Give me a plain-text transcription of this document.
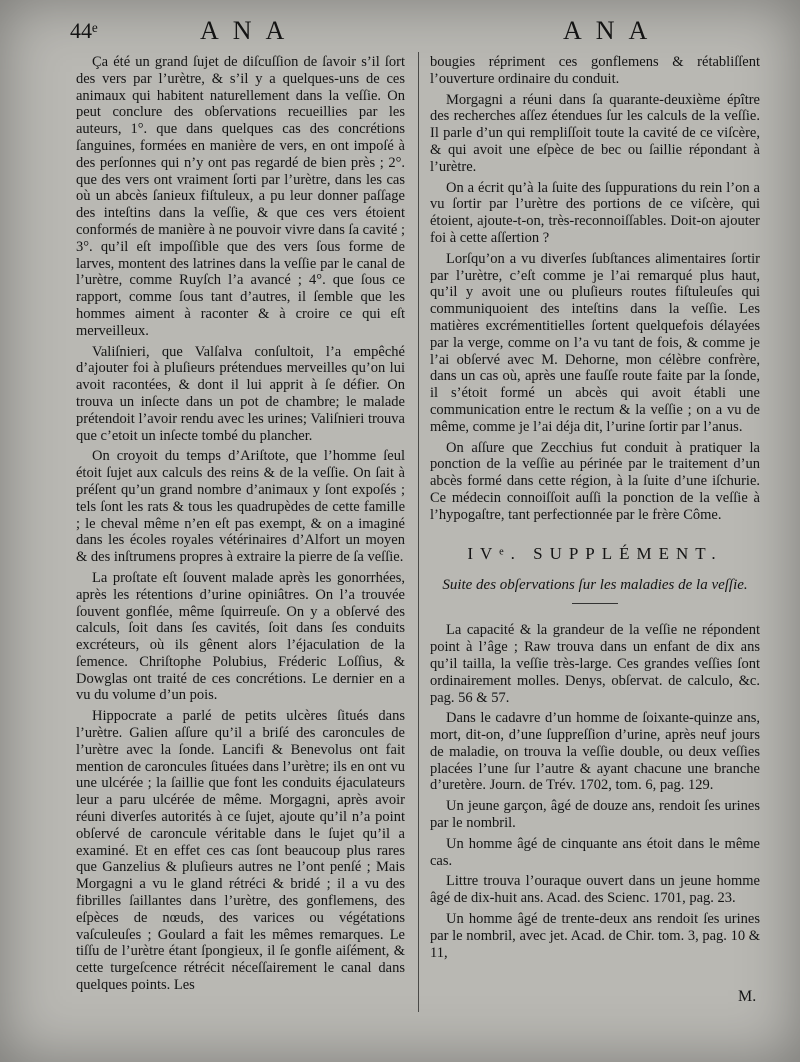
44ᵉ	ANA	ANA

Ça été un grand ſujet de diſcuſſion de ſavoir s’il ſort des vers par l’urètre, & s’il y a quelques-uns de ces animaux qui habitent naturellement dans la veſſie. On peut conclure des obſervations recueillies par les auteurs, 1°. que dans quelques cas des concrétions ſanguines, formées en manière de vers, en ont impoſé à des perſonnes qui n’y ont pas regardé de bien près ; 2°. que des vers ont vraiment ſorti par l’urètre, dans les cas où un abcès ſanieux fiſtuleux, a pu leur donner paſſage des inteſtins dans la veſſie, & que ces vers étoient conformés de manière à ne pouvoir vivre dans ſa cavité ; 3°. qu’il eſt impoſſible que des vers ſous forme de larves, montent des latrines dans la veſſie par le canal de l’urètre, comme Ruyſch l’a avancé ; 4°. que ſous ce rapport, comme ſous tant d’autres, il ſemble que les hommes aiment à raconter & à croire ce qui eſt merveilleux.

Valiſnieri, que Valſalva conſultoit, l’a empêché d’ajouter foi à pluſieurs prétendues merveilles qu’on lui avoit racontées, & dont il lui apprit à ſe défier. On trouva un inſecte dans un pot de chambre; le malade prétendoit l’avoir rendu avec les urines; Valiſnieri trouva que c’etoit un inſecte tombé du plancher.

On croyoit du temps d’Ariſtote, que l’homme ſeul étoit ſujet aux calculs des reins & de la veſſie. On ſait à préſent qu’un grand nombre d’animaux y ſont expoſés ; tels ſont les rats & tous les quadrupèdes de cette famille ; le cheval même n’en eſt pas exempt, & on a imaginé dans les écoles royales vétérinaires d’Alfort un moyen & des inſtrumens propres à extraire la pierre de ſa veſſie.

La proſtate eſt ſouvent malade après les gonorrhées, après les rétentions d’urine opiniâtres. On l’a trouvée ſouvent gonflée, même ſquirreuſe. On y a obſervé des calculs, ſoit dans ſes cavités, ſoit dans ſes conduits excréteurs, où ils gênent alors l’éjaculation de la ſemence. Chriſtophe Polubius, Fréderic Loſſius, & Dowglas ont traité de ces concrétions. Le dernier en a vu du volume d’un pois.

Hippocrate a parlé de petits ulcères ſitués dans l’urètre. Galien aſſure qu’il a briſé des caroncules de l’urètre avec la ſonde. Lancifi & Benevolus ont fait mention de caroncules ſituées dans l’urètre; ils en ont vu une ulcérée ; la ſaillie que font les conduits éjaculateurs leur a paru ulcérée de même. Morgagni, après avoir réuni diverſes autorités à ce ſujet, ajoute qu’il n’a point obſervé de caroncule véritable dans le ſujet qu’il a examiné. Et en effet ces cas ſont beaucoup plus rares que Ganzelius & pluſieurs autres ne l’ont penſé ; Mais Morgagni a vu le gland rétréci & bridé ; il a vu des fibrilles ſaillantes dans l’urètre, des gonflemens, des eſpèces de nœuds, des varices ou végétations vaſculeuſes ; Goulard a fait les mêmes remarques. Le tiſſu de l’urètre étant ſpongieux, il ſe gonfle aiſément, & cette turgeſcence rétrécit néceſſairement le canal dans quelques points. Les

bougies répriment ces gonflemens & rétabliſſent l’ouverture ordinaire du conduit.

Morgagni a réuni dans ſa quarante-deuxième épître des recherches aſſez étendues ſur les calculs de la veſſie. Il parle d’un qui rempliſſoit toute la cavité de ce viſcère, & qui avoit une eſpèce de bec ou ſaillie répondant à l’urètre.

On a écrit qu’à la ſuite des ſuppurations du rein l’on a vu ſortir par l’urètre des portions de ce viſcère, qui étoient, ajoute-t-on, très-reconnoiſſables. Doit-on ajouter foi à cette aſſertion ?

Lorſqu’on a vu diverſes ſubſtances alimentaires ſortir par l’urètre, c’eſt comme je l’ai remarqué plus haut, qu’il y avoit une ou pluſieurs routes fiſtuleuſes qui communiquoient des inteſtins dans la veſſie. Les matières excrémentitielles ſortent quelquefois délayées par la verge, comme on l’a vu tant de fois, & comme je l’ai obſervé avec M. Dehorne, mon célèbre confrère, dans un cas où, après une fauſſe route faite par la ſonde, il s’étoit formé un abcès qui avoit établi une communication entre le rectum & la veſſie ; on a vu de même, comme je l’ai déja dit, l’urine ſortir par l’anus.

On aſſure que Zecchius fut conduit à pratiquer la ponction de la veſſie au périnée par le traitement d’un abcès formé dans cette région, à la ſuite d’une iſchurie. Ce médecin connoiſſoit auſſi la ponction de la veſſie à l’hypogaſtre, tant perfectionnée par le frère Côme.

IVᵉ. SUPPLÉMENT.

Suite des obſervations ſur les maladies de la veſſie.

La capacité & la grandeur de la veſſie ne répondent point à l’âge ; Raw trouva dans un enfant de dix ans qu’il tailla, la veſſie très-large. Ces grandes veſſies ſont ordinairement molles. Denys, obſervat. de calculo, &c. pag. 56 & 57.

Dans le cadavre d’un homme de ſoixante-quinze ans, mort, dit-on, d’une ſuppreſſion d’urine, après neuf jours de maladie, on trouva la veſſie double, ou deux veſſies placées l’une ſur l’autre & ayant chacune une branche d’uretère. Journ. de Trév. 1702, tom. 6, pag. 129.

Un jeune garçon, âgé de douze ans, rendoit ſes urines par le nombril.

Un homme âgé de cinquante ans étoit dans le même cas.

Littre trouva l’ouraque ouvert dans un jeune homme âgé de dix-huit ans. Acad. des Scienc. 1701, pag. 23.

Un homme âgé de trente-deux ans rendoit ſes urines par le nombril, avec jet. Acad. de Chir. tom. 3, pag. 10 & 11,

M.
